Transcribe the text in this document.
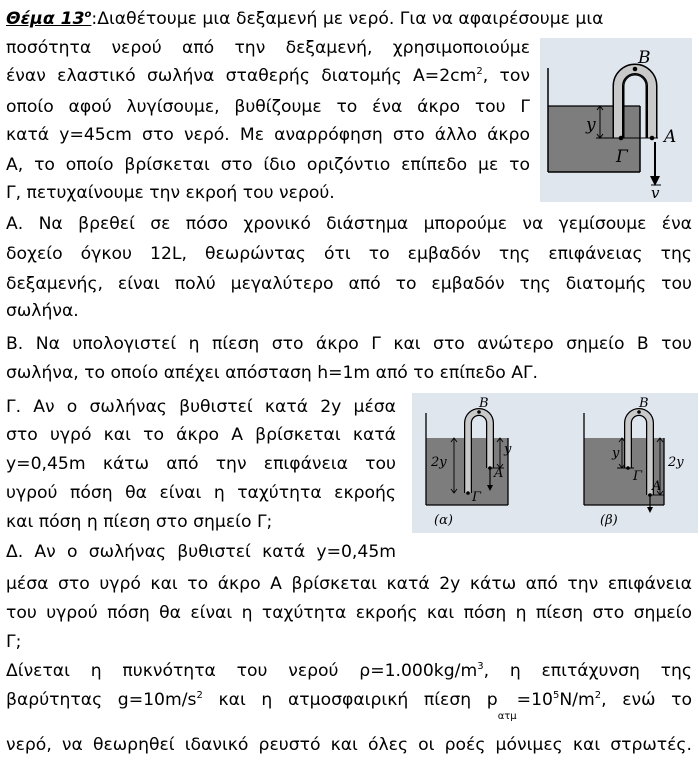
Θέμα $13^o:\Delta\iota\alpha\theta έ\tau o\upsilon\mu\varepsilon$ μια δεξαμενή με νερό. Για να αφαιρέσουμε μια
ποσότητα νερού από την δεξαμενή, χρησιμοποιούμε
έναν ελαστικό σωλήνα σταθερής διατομής $A=2cm^2$, τον
οποίο αφού λυγίσουμε, βυθίζουμε το ένα άκρο του Γ
κατά y=45cm στο νερό. Με αναρρόφηση στο άλλο άκρο
Α, το οποίο βρίσκεται στο ίδιο οριζόντιο επίπεδο με το
Γ, πετυχαίνουμε την εκροή του νερού.
B
y
A
Γ
v
Α. Να βρεθεί σε πόσο χρονικό διάστημα μπορούμε να γεμίσουμε ένα
δοχείο όγκου 12L, θεωρώντας ότι το εμβαδόν της επιφάνειας της
δεξαμενής, είναι πολύ μεγαλύτερο από το εμβαδόν της διατομής του
σωλήνα.
Β. Να υπολογιστεί η πίεση στο άκρο Γ και στο ανώτερο σημείο Β του
σωλήνα, το οποίο απέχει απόσταση h=1m από το επίπεδο ΑΓ.
Γ. Αν ο σωλήνας βυθιστεί κατά 2y μέσα
στο υγρό και το άκρο Α βρίσκεται κατά
y=0,45m κάτω από την επιφάνεια του
υγρού πόση θα είναι η ταχύτητα εκροής
και πόση η πίεση στο σημείο Γ;
B
y
2y
A
Γ
(α)
B
y
2y
Γ
A
(β)
Δ. Αν ο σωλήνας βυθιστεί κατά y=0,45m
μέσα στο υγρό και το άκρο Α βρίσκεται κατά 2y κάτω από την επιφάνεια
του υγρού πόση θα είναι η ταχύτητα εκροής και πόση η πίεση στο σημείο
Γ;
Δίνεται η πυκνότητα του νερού $\rho=1.000kg/m^3$, η επιτάχυνση της
βαρύτητας $g=10m/s^2$ και η ατμοσφαιρική πίεση $p_{\alpha\tau\mu}=10^5N/m^2$, ενώ το
νερό, να θεωρηθεί ιδανικό ρευστό και όλες οι ροές μόνιμες και στρωτές.
